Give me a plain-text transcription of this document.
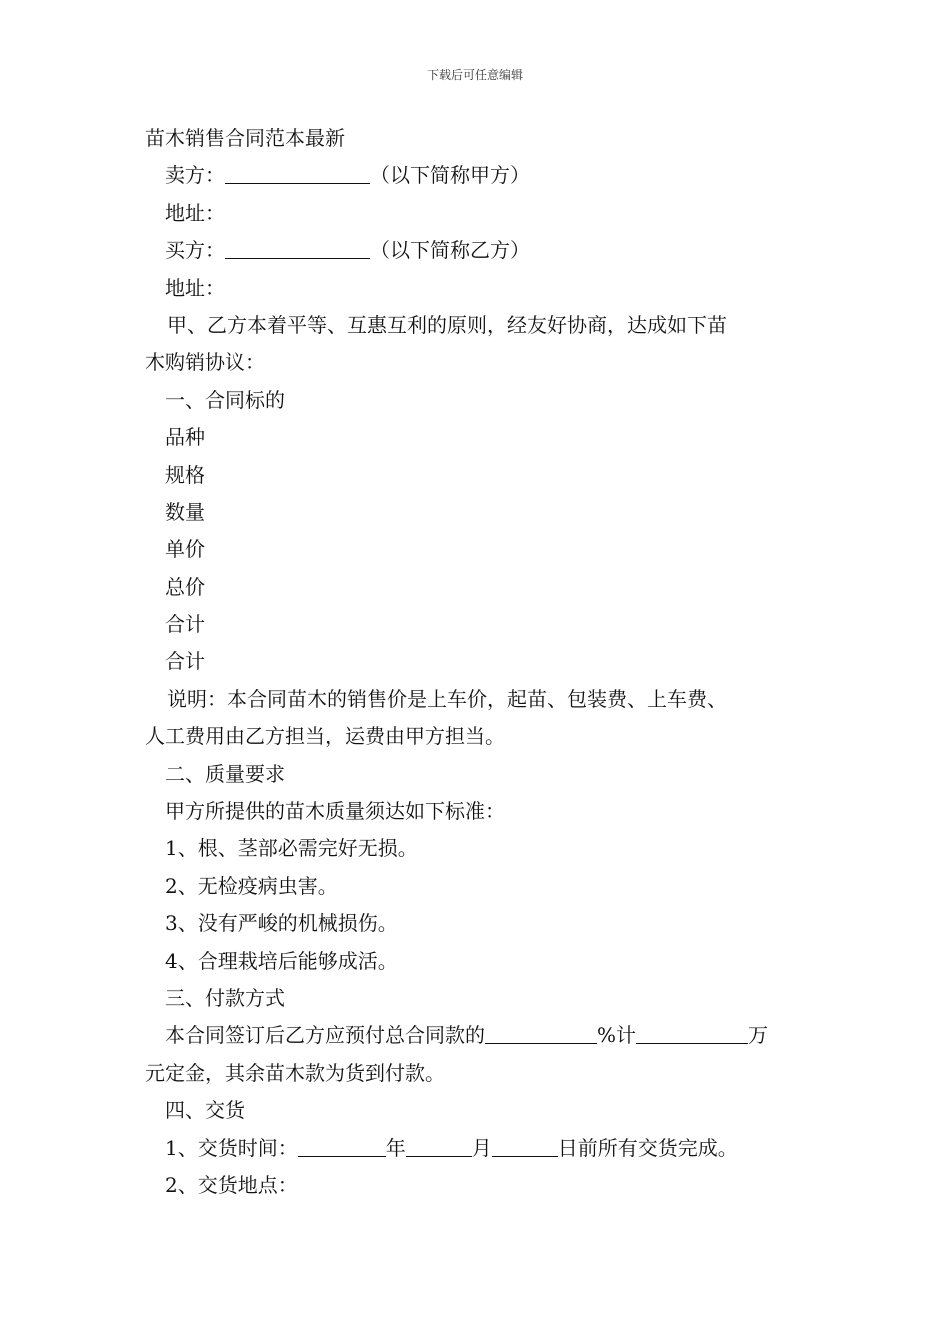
下载后可任意编辑
苗木销售合同范本最新
卖方：	（以下简称甲方）
地址：
买方：	（以下简称乙方）
地址：
甲、乙方本着平等、互惠互利的原则，经友好协商，达成如下苗
木购销协议：
一、合同标的
品种
规格
数量
单价
总价
合计
合计
说明：本合同苗木的销售价是上车价，起苗、包装费、上车费、
人工费用由乙方担当，运费由甲方担当。
二、质量要求
甲方所提供的苗木质量须达如下标准：
1、根、茎部必需完好无损。
2、无检疫病虫害。
3、没有严峻的机械损伤。
4、合理栽培后能够成活。
三、付款方式
本合同签订后乙方应预付总合同款的	%计	万
元定金，其余苗木款为货到付款。
四、交货
1、交货时间：	年	月	日前所有交货完成。
2、交货地点：
